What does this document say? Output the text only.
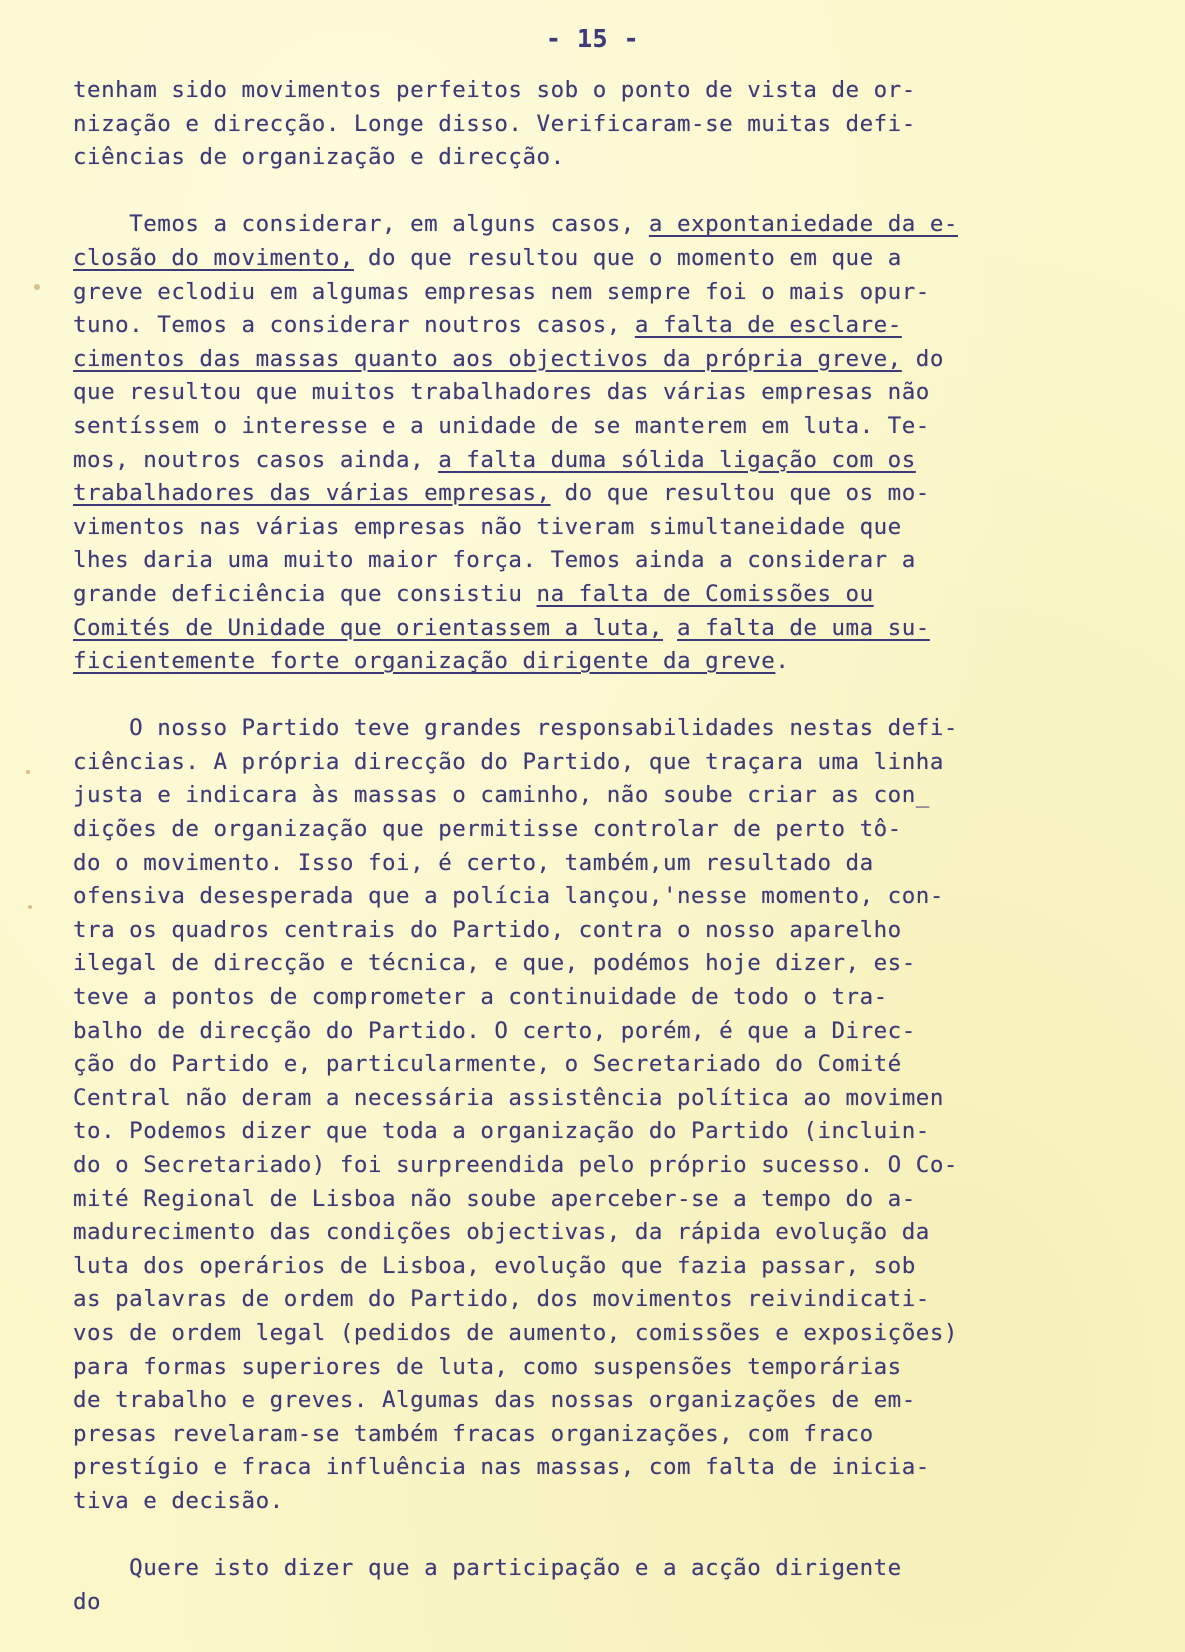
- 15 -
tenham sido movimentos perfeitos sob o ponto de vista de or-
nização e direcção. Longe disso. Verificaram-se muitas defi-
ciências de organização e direcção.
Temos a considerar, em alguns casos, a expontaniedade da e-
closão do movimento, do que resultou que o momento em que a
greve eclodiu em algumas empresas nem sempre foi o mais opur-
tuno. Temos a considerar noutros casos, a falta de esclare-
cimentos das massas quanto aos objectivos da própria greve, do
que resultou que muitos trabalhadores das várias empresas não
sentíssem o interesse e a unidade de se manterem em luta. Te-
mos, noutros casos ainda, a falta duma sólida ligação com os
trabalhadores das várias empresas, do que resultou que os mo-
vimentos nas várias empresas não tiveram simultaneidade que
lhes daria uma muito maior força. Temos ainda a considerar a
grande deficiência que consistiu na falta de Comissões ou
Comités de Unidade que orientassem a luta, a falta de uma su-
ficientemente forte organização dirigente da greve.
O nosso Partido teve grandes responsabilidades nestas defi-
ciências. A própria direcção do Partido, que traçara uma linha
justa e indicara às massas o caminho, não soube criar as con_
dições de organização que permitisse controlar de perto tô-
do o movimento. Isso foi, é certo, também,um resultado da
ofensiva desesperada que a polícia lançou,'nesse momento, con-
tra os quadros centrais do Partido, contra o nosso aparelho
ilegal de direcção e técnica, e que, podémos hoje dizer, es-
teve a pontos de comprometer a continuidade de todo o tra-
balho de direcção do Partido. O certo, porém, é que a Direc-
ção do Partido e, particularmente, o Secretariado do Comité
Central não deram a necessária assistência política ao movimen
to. Podemos dizer que toda a organização do Partido (incluin-
do o Secretariado) foi surpreendida pelo próprio sucesso. O Co-
mité Regional de Lisboa não soube aperceber-se a tempo do a-
madurecimento das condições objectivas, da rápida evolução da
luta dos operários de Lisboa, evolução que fazia passar, sob
as palavras de ordem do Partido, dos movimentos reivindicati-
vos de ordem legal (pedidos de aumento, comissões e exposições)
para formas superiores de luta, como suspensões temporárias
de trabalho e greves. Algumas das nossas organizações de em-
presas revelaram-se também fracas organizações, com fraco
prestígio e fraca influência nas massas, com falta de inicia-
tiva e decisão.
Quere isto dizer que a participação e a acção dirigente
do
